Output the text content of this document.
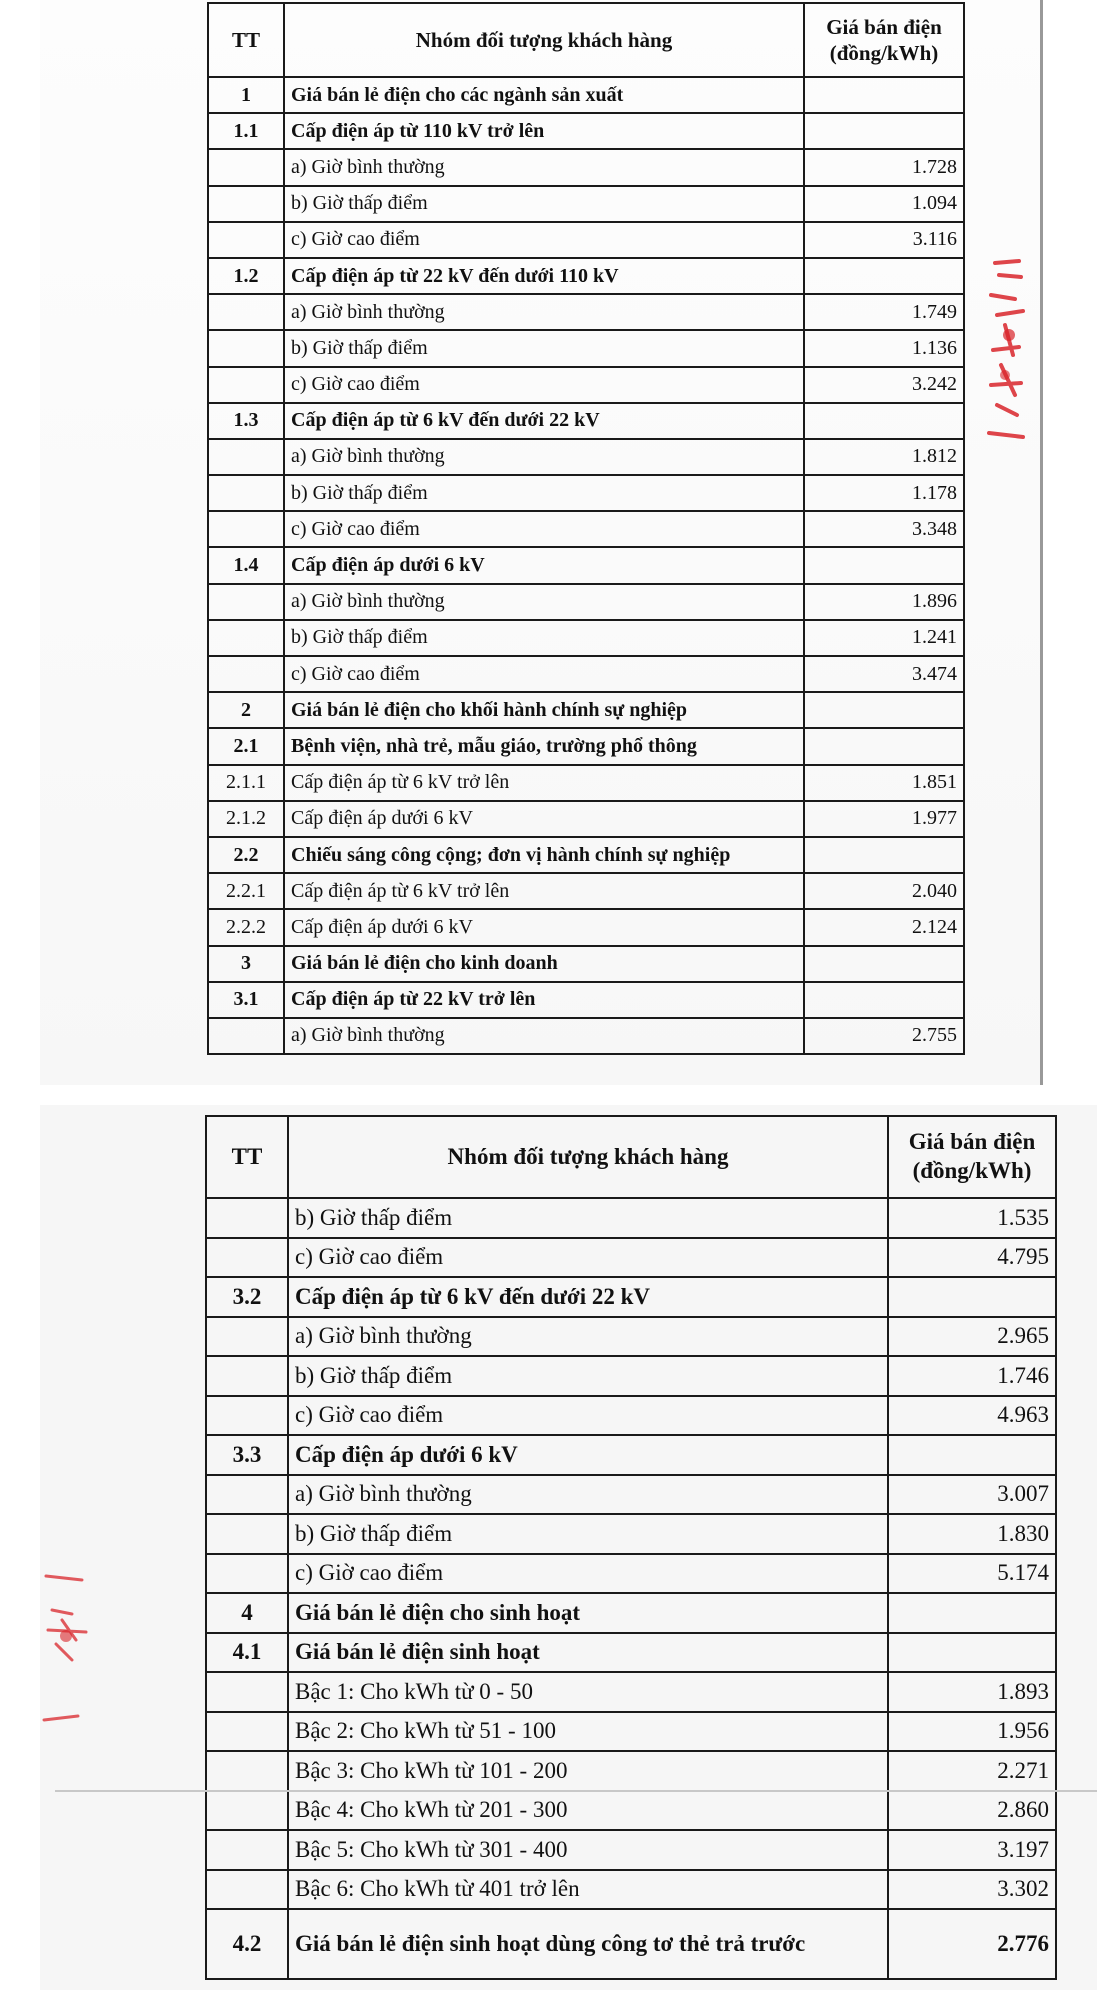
TT	Nhóm đối tượng khách hàng	Giá bán điện
(đồng/kWh)
1	Giá bán lẻ điện cho các ngành sản xuất	
1.1	Cấp điện áp từ 110 kV trở lên	
	a) Giờ bình thường	1.728
	b) Giờ thấp điểm	1.094
	c) Giờ cao điểm	3.116
1.2	Cấp điện áp từ 22 kV đến dưới 110 kV	
	a) Giờ bình thường	1.749
	b) Giờ thấp điểm	1.136
	c) Giờ cao điểm	3.242
1.3	Cấp điện áp từ 6 kV đến dưới 22 kV	
	a) Giờ bình thường	1.812
	b) Giờ thấp điểm	1.178
	c) Giờ cao điểm	3.348
1.4	Cấp điện áp dưới 6 kV	
	a) Giờ bình thường	1.896
	b) Giờ thấp điểm	1.241
	c) Giờ cao điểm	3.474
2	Giá bán lẻ điện cho khối hành chính sự nghiệp	
2.1	Bệnh viện, nhà trẻ, mẫu giáo, trường phổ thông	
2.1.1	Cấp điện áp từ 6 kV trở lên	1.851
2.1.2	Cấp điện áp dưới 6 kV	1.977
2.2	Chiếu sáng công cộng; đơn vị hành chính sự nghiệp	
2.2.1	Cấp điện áp từ 6 kV trở lên	2.040
2.2.2	Cấp điện áp dưới 6 kV	2.124
3	Giá bán lẻ điện cho kinh doanh	
3.1	Cấp điện áp từ 22 kV trở lên	
	a) Giờ bình thường	2.755
TT	Nhóm đối tượng khách hàng	Giá bán điện
(đồng/kWh)
	b) Giờ thấp điểm	1.535
	c) Giờ cao điểm	4.795
3.2	Cấp điện áp từ 6 kV đến dưới 22 kV	
	a) Giờ bình thường	2.965
	b) Giờ thấp điểm	1.746
	c) Giờ cao điểm	4.963
3.3	Cấp điện áp dưới 6 kV	
	a) Giờ bình thường	3.007
	b) Giờ thấp điểm	1.830
	c) Giờ cao điểm	5.174
4	Giá bán lẻ điện cho sinh hoạt	
4.1	Giá bán lẻ điện sinh hoạt	
	Bậc 1: Cho kWh từ 0 - 50	1.893
	Bậc 2: Cho kWh từ 51 - 100	1.956
	Bậc 3: Cho kWh từ 101 - 200	2.271
	Bậc 4: Cho kWh từ 201 - 300	2.860
	Bậc 5: Cho kWh từ 301 - 400	3.197
	Bậc 6: Cho kWh từ 401 trở lên	3.302
4.2	Giá bán lẻ điện sinh hoạt dùng công tơ thẻ trả trước	2.776
